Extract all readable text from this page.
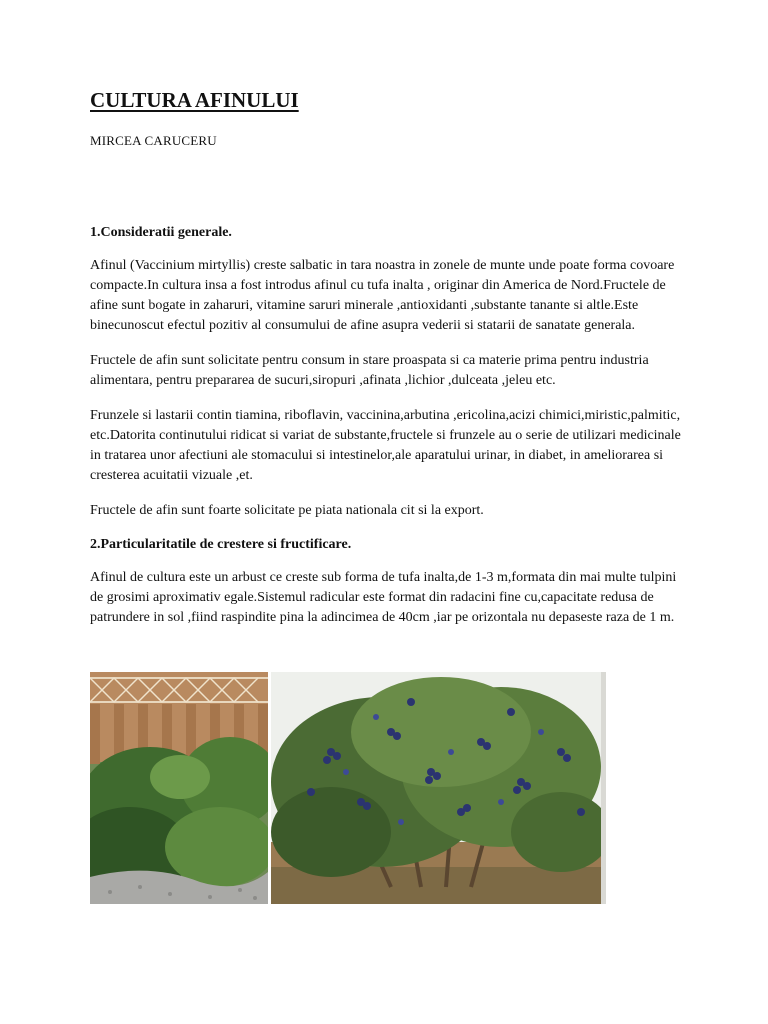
CULTURA AFINULUI

MIRCEA CARUCERU

1.Consideratii generale.

Afinul (Vaccinium mirtyllis) creste salbatic in tara noastra in zonele de munte unde poate forma covoare compacte.In cultura insa a fost introdus afinul cu tufa inalta , originar din America de Nord.Fructele de afine sunt bogate in zaharuri, vitamine saruri minerale ,antioxidanti ,substante tanante si altle.Este binecunoscut efectul pozitiv al consumului de afine asupra vederii si statarii de sanatate generala.

Fructele de afin sunt solicitate pentru consum in stare proaspata si ca materie prima pentru industria alimentara, pentru prepararea de sucuri,siropuri ,afinata ,lichior ,dulceata ,jeleu etc.

Frunzele si lastarii contin tiamina, riboflavin, vaccinina,arbutina ,ericolina,acizi chimici,miristic,palmitic, etc.Datorita continutului ridicat si variat de substante,fructele si frunzele au o serie de utilizari medicinale in tratarea unor afectiuni ale stomacului si intestinelor,ale aparatului urinar, in diabet, in ameliorarea si cresterea acuitatii vizuale ,et.

Fructele de afin sunt foarte solicitate pe piata nationala cit si la export.

2.Particularitatile de crestere si fructificare.

Afinul de cultura este un arbust ce creste sub forma de tufa inalta,de 1-3 m,formata din mai multe tulpini de grosimi aproximativ egale.Sistemul radicular este format din radacini fine cu,capacitate redusa de patrundere in sol ,fiind raspindite pina la adincimea de 40cm ,iar pe orizontala nu depaseste raza de 1 m.
